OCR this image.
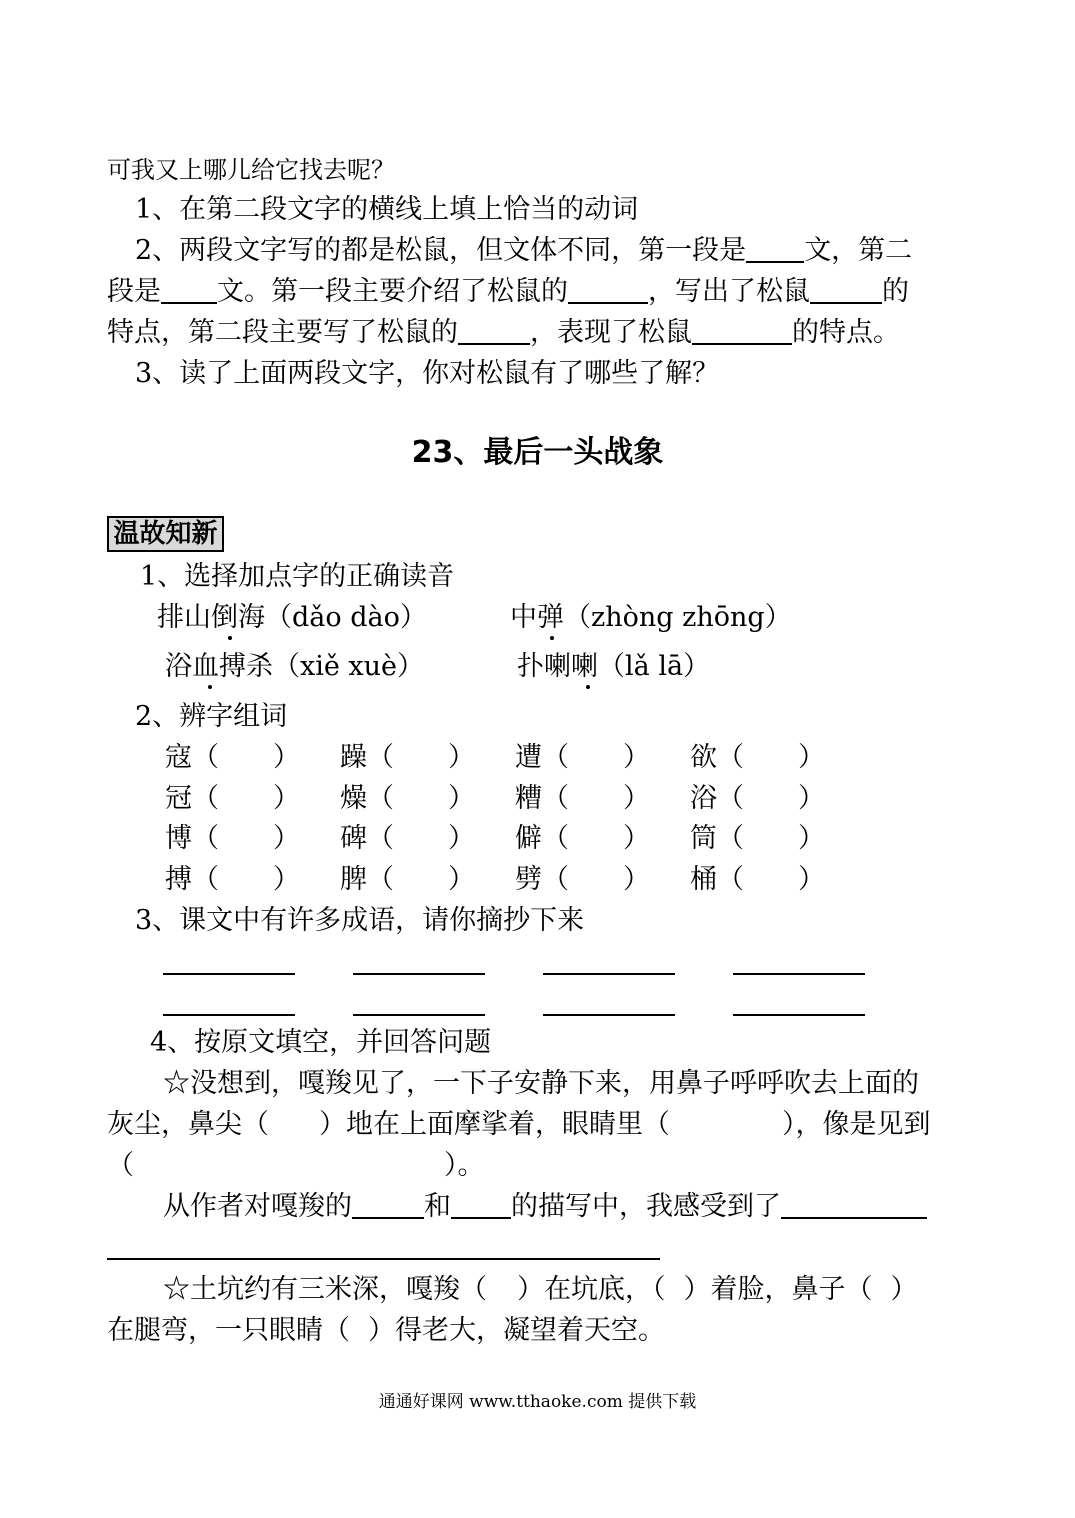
可我又上哪儿给它找去呢？
1、在第二段文字的横线上填上恰当的动词
2、两段文字写的都是松鼠，但文体不同，第一段是 文，第二
段是 文。第一段主要介绍了松鼠的	，写出了松鼠	的
特点，第二段主要写了松鼠的	，表现了松鼠	的特点。
3、读了上面两段文字，你对松鼠有了哪些了解？
23、最后一头战象
温故知新
1、选择加点字的正确读音
排山倒海（dǎo dào）	中弹（zhòng zhōng）
浴血搏杀（xiě xuè）	扑喇喇（lǎ lā）
2、辨字组词
寇（　　） 躁（　　） 遭（　　） 欲（　　）
冠（　　） 燥（　　） 糟（　　） 浴（　　）
博（　　） 碑（　　） 僻（　　） 筒（　　）
搏（　　） 脾（　　） 劈（　　） 桶（　　）
3、课文中有许多成语，请你摘抄下来
4、按原文填空，并回答问题
☆没想到，嘎羧见了，一下子安静下来，用鼻子呼呼吹去上面的
灰尘，鼻尖（ ）地在上面摩挲着，眼睛里（	），像是见到
（	）。
从作者对嘎羧的	和 的描写中，我感受到了
☆土坑约有三米深，嘎羧（ ）在坑底，（ ）着脸，鼻子（ ）
在腿弯，一只眼睛（ ）得老大，凝望着天空。
通通好课网 www.tthaoke.com 提供下载
